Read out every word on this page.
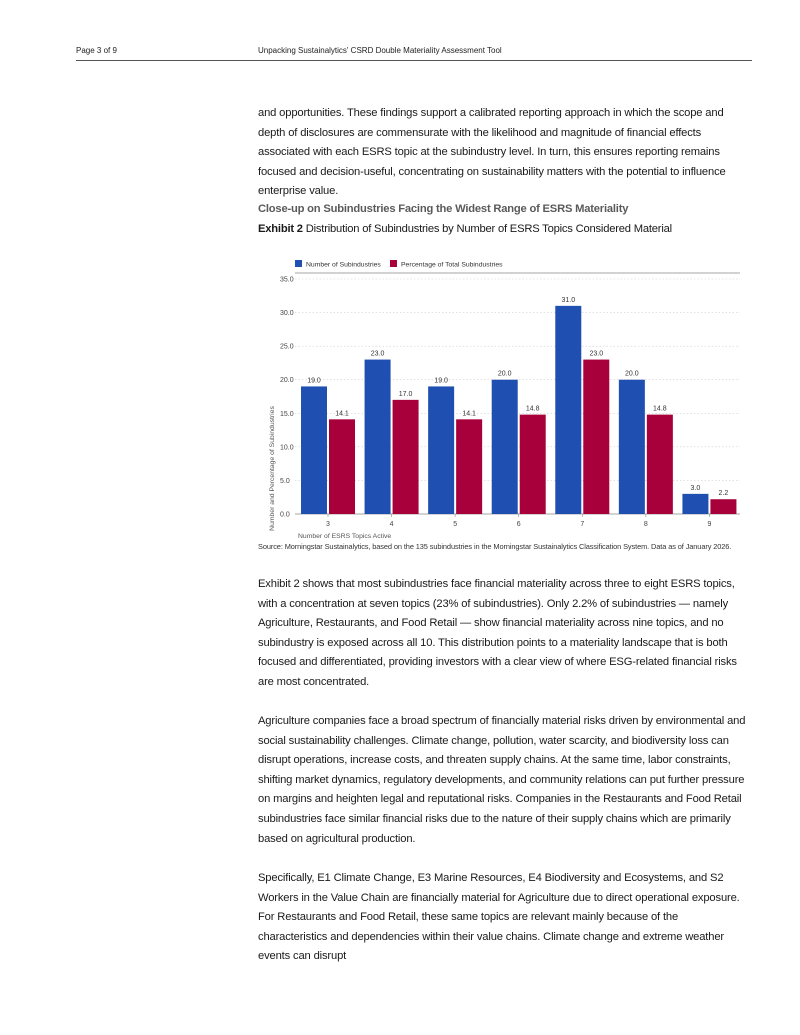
Page 3 of 9	Unpacking Sustainalytics' CSRD Double Materiality Assessment Tool

and opportunities. These findings support a calibrated reporting approach in which the scope and depth of disclosures are commensurate with the likelihood and magnitude of financial effects associated with each ESRS topic at the subindustry level. In turn, this ensures reporting remains focused and decision-useful, concentrating on sustainability matters with the potential to influence enterprise value.

Close-up on Subindustries Facing the Widest Range of ESRS Materiality
Exhibit 2 Distribution of Subindustries by Number of ESRS Topics Considered Material
Number of Subindustries	Percentage of Total Subindustries
0.0
5.0
10.0
15.0
20.0
25.0
30.0
35.0
19.0
14.1
3
23.0
17.0
4
19.0
14.1
5
20.0
14.8
6
31.0
23.0
7
20.0
14.8
8
3.0
2.2
9
Number of ESRS Topics Active
Number and Percentage of Subindustries
Source: Morningstar Sustainalytics, based on the 135 subindustries in the Morningstar Sustainalytics Classification System. Data as of January 2026.

Exhibit 2 shows that most subindustries face financial materiality across three to eight ESRS topics, with a concentration at seven topics (23% of subindustries). Only 2.2% of subindustries — namely Agriculture, Restaurants, and Food Retail — show financial materiality across nine topics, and no subindustry is exposed across all 10. This distribution points to a materiality landscape that is both focused and differentiated, providing investors with a clear view of where ESG-related financial risks are most concentrated.

Agriculture companies face a broad spectrum of financially material risks driven by environmental and social sustainability challenges. Climate change, pollution, water scarcity, and biodiversity loss can disrupt operations, increase costs, and threaten supply chains. At the same time, labor constraints, shifting market dynamics, regulatory developments, and community relations can put further pressure on margins and heighten legal and reputational risks. Companies in the Restaurants and Food Retail subindustries face similar financial risks due to the nature of their supply chains which are primarily based on agricultural production.

Specifically, E1 Climate Change, E3 Marine Resources, E4 Biodiversity and Ecosystems, and S2 Workers in the Value Chain are financially material for Agriculture due to direct operational exposure. For Restaurants and Food Retail, these same topics are relevant mainly because of the characteristics and dependencies within their value chains. Climate change and extreme weather events can disrupt
